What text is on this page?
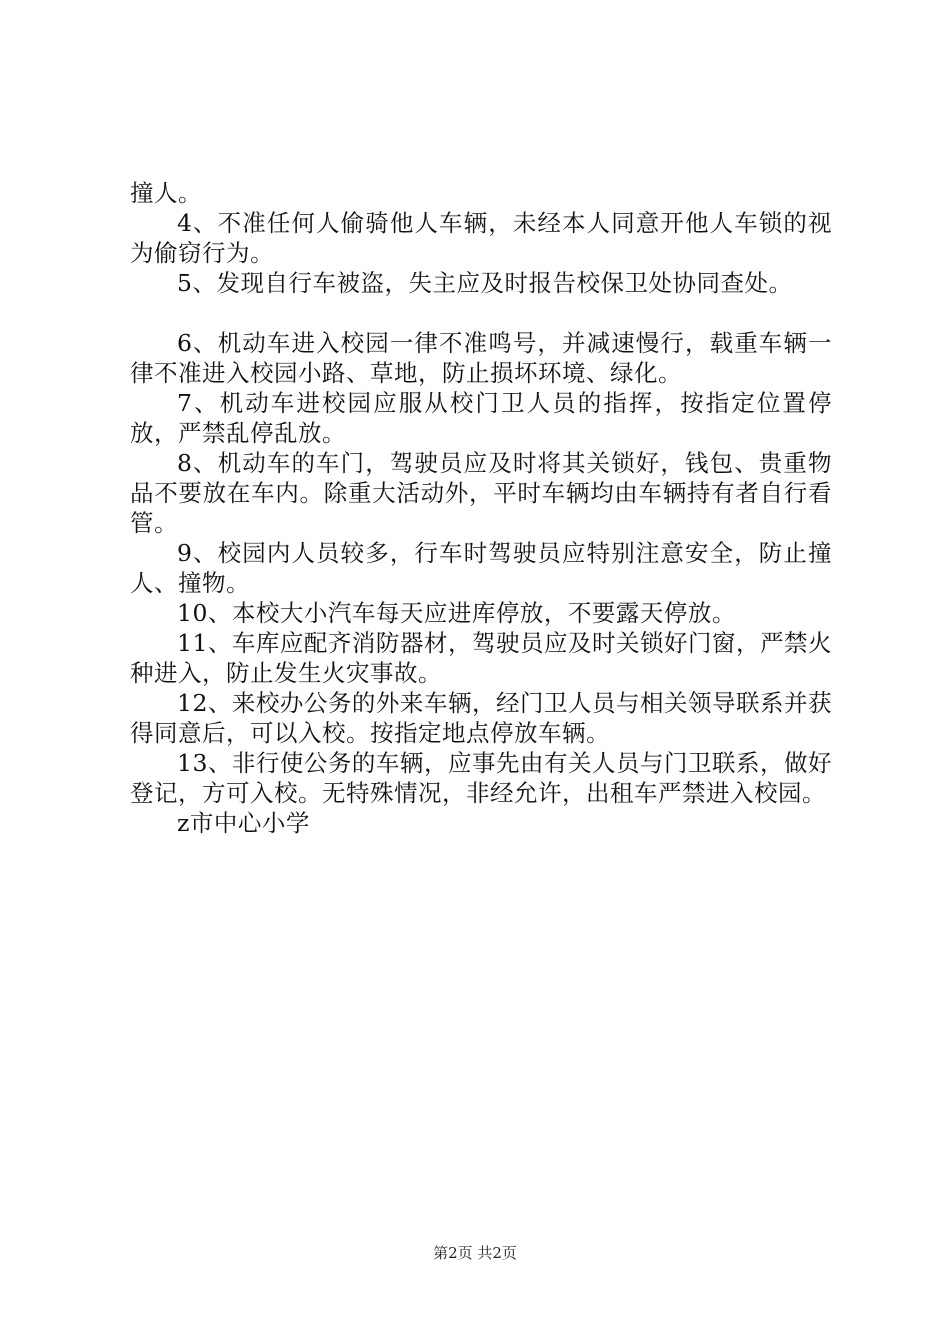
撞人。

4、不准任何人偷骑他人车辆，未经本人同意开他人车锁的视为偷窃行为。

5、发现自行车被盗，失主应及时报告校保卫处协同查处。

6、机动车进入校园一律不准鸣号，并减速慢行，载重车辆一律不准进入校园小路、草地，防止损坏环境、绿化。

7、机动车进校园应服从校门卫人员的指挥，按指定位置停放，严禁乱停乱放。

8、机动车的车门，驾驶员应及时将其关锁好，钱包、贵重物品不要放在车内。除重大活动外，平时车辆均由车辆持有者自行看管。

9、校园内人员较多，行车时驾驶员应特别注意安全，防止撞人、撞物。

10、本校大小汽车每天应进库停放，不要露天停放。

11、车库应配齐消防器材，驾驶员应及时关锁好门窗，严禁火种进入，防止发生火灾事故。

12、来校办公务的外来车辆，经门卫人员与相关领导联系并获得同意后，可以入校。按指定地点停放车辆。

13、非行使公务的车辆，应事先由有关人员与门卫联系，做好登记，方可入校。无特殊情况，非经允许，出租车严禁进入校园。

z市中心小学

第2页 共2页
